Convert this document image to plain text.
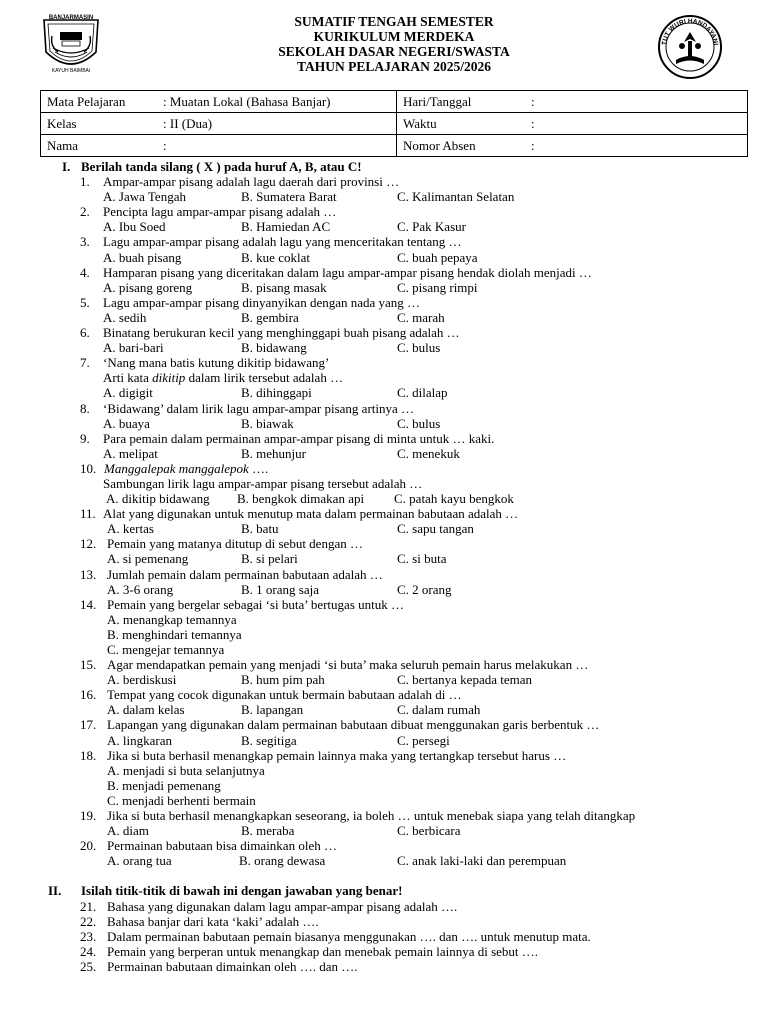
BANJARMASIN
KAYUH BAIMBAI
SUMATIF TENGAH SEMESTER
KURIKULUM MERDEKA
SEKOLAH DASAR NEGERI/SWASTA
TAHUN PELAJARAN 2025/2026
TUT WURI HANDAYANI
Mata Pelajaran : Muatan Lokal (Bahasa Banjar)	Hari/Tanggal :
Kelas : II (Dua)	Waktu :
Nama :	Nomor Absen :
I. Berilah tanda silang ( X ) pada huruf A, B, atau C!
1. Ampar-ampar pisang adalah lagu daerah dari provinsi …
A. Jawa Tengah	B. Sumatera Barat	C. Kalimantan Selatan
2. Pencipta lagu ampar-ampar pisang adalah …
A. Ibu Soed	B. Hamiedan AC	C. Pak Kasur
3. Lagu ampar-ampar pisang adalah lagu yang menceritakan tentang …
A. buah pisang	B. kue coklat	C. buah pepaya
4. Hamparan pisang yang diceritakan dalam lagu ampar-ampar pisang hendak diolah menjadi …
A. pisang goreng	B. pisang masak	C. pisang rimpi
5. Lagu ampar-ampar pisang dinyanyikan dengan nada yang …
A. sedih	B. gembira	C. marah
6. Binatang berukuran kecil yang menghinggapi buah pisang adalah …
A. bari-bari	B. bidawang	C. bulus
7. ‘Nang mana batis kutung dikitip bidawang’
Arti kata dikitip dalam lirik tersebut adalah …
A. digigit	B. dihinggapi	C. dilalap
8. ‘Bidawang’ dalam lirik lagu ampar-ampar pisang artinya …
A. buaya	B. biawak	C. bulus
9. Para pemain dalam permainan ampar-ampar pisang di minta untuk … kaki.
A. melipat	B. mehunjur	C. menekuk
10. Manggalepak manggalepok ….
Sambungan lirik lagu ampar-ampar pisang tersebut adalah …
A. dikitip bidawang B. bengkok dimakan api C. patah kayu bengkok
11. Alat yang digunakan untuk menutup mata dalam permainan babutaan adalah …
A. kertas	B. batu	C. sapu tangan
12. Pemain yang matanya ditutup di sebut dengan …
A. si pemenang	B. si pelari	C. si buta
13. Jumlah pemain dalam permainan babutaan adalah …
A. 3-6 orang	B. 1 orang saja	C. 2 orang
14. Pemain yang bergelar sebagai ‘si buta’ bertugas untuk …
A. menangkap temannya
B. menghindari temannya
C. mengejar temannya
15. Agar mendapatkan pemain yang menjadi ‘si buta’ maka seluruh pemain harus melakukan …
A. berdiskusi	B. hum pim pah	C. bertanya kepada teman
16. Tempat yang cocok digunakan untuk bermain babutaan adalah di …
A. dalam kelas	B. lapangan	C. dalam rumah
17. Lapangan yang digunakan dalam permainan babutaan dibuat menggunakan garis berbentuk …
A. lingkaran	B. segitiga	C. persegi
18. Jika si buta berhasil menangkap pemain lainnya maka yang tertangkap tersebut harus …
A. menjadi si buta selanjutnya
B. menjadi pemenang
C. menjadi berhenti bermain
19. Jika si buta berhasil menangkapkan seseorang, ia boleh … untuk menebak siapa yang telah ditangkap
A. diam	B. meraba	C. berbicara
20. Permainan babutaan bisa dimainkan oleh …
A. orang tua	B. orang dewasa	C. anak laki-laki dan perempuan
II. Isilah titik-titik di bawah ini dengan jawaban yang benar!
21. Bahasa yang digunakan dalam lagu ampar-ampar pisang adalah ….
22. Bahasa banjar dari kata ‘kaki’ adalah ….
23. Dalam permainan babutaan pemain biasanya menggunakan …. dan …. untuk menutup mata.
24. Pemain yang berperan untuk menangkap dan menebak pemain lainnya di sebut ….
25. Permainan babutaan dimainkan oleh …. dan ….
